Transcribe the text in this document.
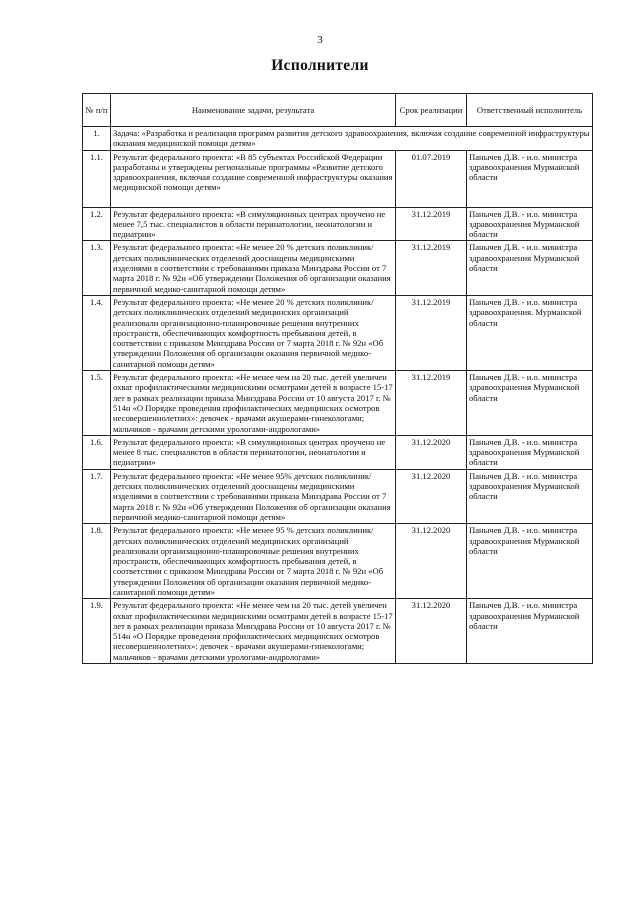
3
Исполнители
№ п/п	Наименование задачи, результата	Срок реализации	Ответственный исполнитель
1.	Задача: «Разработка и реализация программ развития детского здравоохранения, включая создание современной инфраструктуры оказания медицинской помощи детям»		
1.1.	Результат федерального проекта: «В 85 субъектах Российской Федерации разработаны и утверждены региональные программы «Развитие детского здравоохранения, включая создание современной инфраструктуры оказания медицинской помощи детям»	01.07.2019	Панычев Д.В. - и.о. министра здравоохранения Мурманской области
1.2.	Результат федерального проекта: «В симуляционных центрах проучено не менее 7,5 тыс. специалистов в области перинатологии, неонатологии и педиатрии»	31.12.2019	Панычев Д.В. - и.о. министра здравоохранения Мурманской области
1.3.	Результат федерального проекта: «Не менее 20 % детских поликлиник/детских поликлинических отделений дооснащены медицинскими изделиями в соответствии с требованиями приказа Минздрава России от 7 марта 2018 г. № 92н «Об утверждении Положения об организации оказания первичной медико-санитарной помощи детям»	31.12.2019	Панычев Д.В. - и.о. министра здравоохранения Мурманской области
1.4.	Результат федерального проекта: «Не менее 20 % детских поликлиник/ детских поликлинических отделений медицинских организаций реализовали организационно-планировочные решения внутренних пространств, обеспечивающих комфортность пребывания детей, в соответствии с приказом Минздрава России от 7 марта 2018 г. № 92н «Об утверждении Положения об организации оказания первичной медико-санитарной помощи детям»	31.12.2019	Панычев Д.В. - и.о. министра здравоохранения. Мурманской области
1.5.	Результат федерального проекта: «Не менее чем на 20 тыс. детей увеличен охват профилактическими медицинскими осмотрами детей в возрасте 15-17 лет в рамках реализации приказа Минздрава России от 10 августа 2017 г. № 514н «О Порядке проведения профилактических медицинских осмотров несовершеннолетних»: девочек - врачами акушерами-гинекологами; мальчиков - врачами детскими урологами-андрологами»	31.12.2019	Панычев Д.В. - и.о. министра здравоохранения Мурманской области
1.6.	Результат федерального проекта: «В симуляционных центрах проучено не менее 8 тыс. специалистов в области перинатологии, неонатологии и педиатрии»	31.12.2020	Панычев Д.В. - и.о. министра здравоохранения Мурманской области
1.7.	Результат федерального проекта: «Не менее 95% детских поликлиник/детских поликлинических отделений дооснащены медицинскими изделиями в соответствии с требованиями приказа Минздрава России от 7 марта 2018 г. № 92н «Об утверждении Положения об организации оказания первичной медико-санитарной помощи детям»	31.12.2020	Панычев Д.В. - и.о. министра здравоохранения Мурманской области
1.8.	Результат федерального проекта: «Не менее 95 % детских поликлиник/детских поликлинических отделений медицинских организаций реализовали организационно-планировочные решения внутренних пространств, обеспечивающих комфортность пребывания детей, в соответствии с приказом Минздрава России от 7 марта 2018 г. № 92н «Об утверждении Положения об организации оказания первичной медико-санитарной помощи детям»	31.12.2020	Панычев Д.В. - и.о. министра здравоохранения Мурманской области
1.9.	Результат федерального проекта: «Не менее чем на 20 тыс. детей увеличен охват профилактическими медицинскими осмотрами детей в возрасте 15-17 лет в рамках реализации приказа Минздрава России от 10 августа 2017 г. № 514н «О Порядке проведения профилактических медицинских осмотров несовершеннолетних»: девочек - врачами акушерами-гинекологами; мальчиков - врачами детскими урологами-андрологами»	31.12.2020	Панычев Д.В. - и.о. министра здравоохранения Мурманской области
